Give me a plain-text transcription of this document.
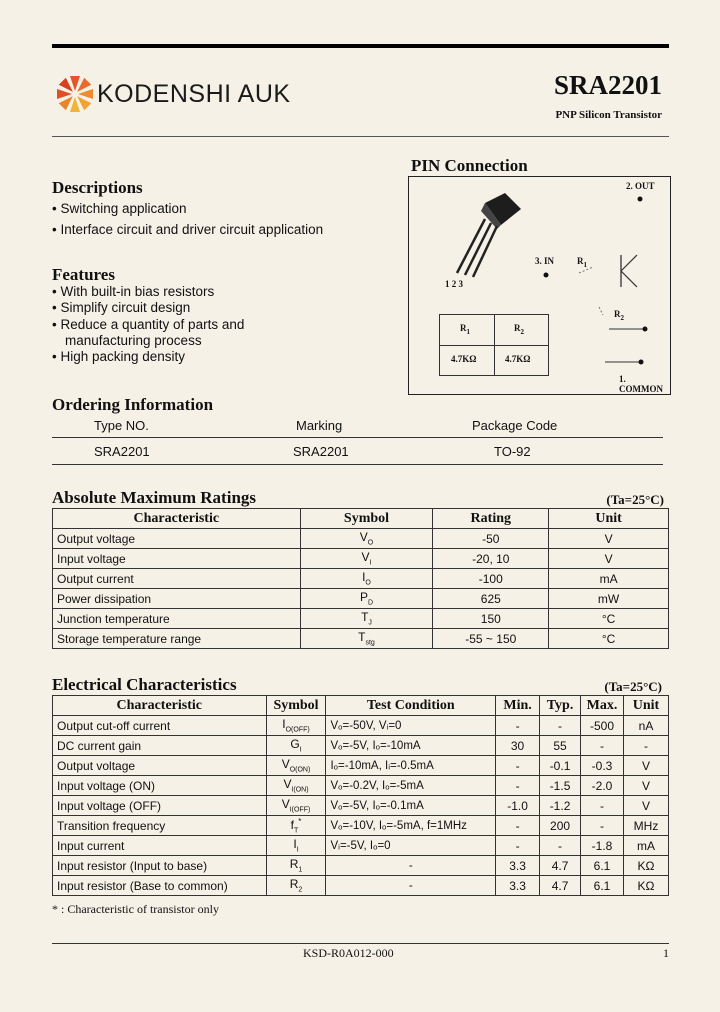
KODENSHI AUK	SRA2201
PNP Silicon Transistor
PIN Connection
1 2 3
2. OUT
3. IN	$R_1$
$R_2$
1. COMMON
$R_1$	$R_2$
4.7KΩ	4.7KΩ
Descriptions
• Switching application
• Interface circuit and driver circuit application
Features
• With built-in bias resistors
• Simplify circuit design
• Reduce a quantity of parts and
manufacturing process
• High packing density
Ordering Information
Type NO.	Marking	Package Code
SRA2201	SRA2201	TO-92
Absolute Maximum Ratings	(Ta=25°C)
Characteristic	Symbol	Rating	Unit
Output voltage	$V_O$	-50	V
Input voltage	$V_I$	-20, 10	V
Output current	$I_O$	-100	mA
Power dissipation	$P_D$	625	mW
Junction temperature	$T_J$	150	°C
Storage temperature range	$T_{stg}$	-55 ~ 150	°C
Electrical Characteristics	(Ta=25°C)
Characteristic	Symbol	Test Condition	Min.	Typ.	Max.	Unit
Output cut-off current	$I_{O(OFF)}$	Vₒ=-50V, Vᵢ=0	-	-	-500	nA
DC current gain	$G_I$	Vₒ=-5V, Iₒ=-10mA	30	55	-	-
Output voltage	$V_{O(ON)}$	Iₒ=-10mA, Iᵢ=-0.5mA	-	-0.1	-0.3	V
Input voltage (ON)	$V_{I(ON)}$	Vₒ=-0.2V, Iₒ=-5mA	-	-1.5	-2.0	V
Input voltage (OFF)	$V_{I(OFF)}$	Vₒ=-5V, Iₒ=-0.1mA	-1.0	-1.2	-	V
Transition frequency	$f_T^*$	Vₒ=-10V, Iₒ=-5mA, f=1MHz	-	200	-	MHz
Input current	$I_I$	Vᵢ=-5V, Iₒ=0	-	-	-1.8	mA
Input resistor (Input to base)	$R_1$	-	3.3	4.7	6.1	KΩ
Input resistor (Base to common)	$R_2$	-	3.3	4.7	6.1	KΩ
* : Characteristic of transistor only
KSD-R0A012-000	1
